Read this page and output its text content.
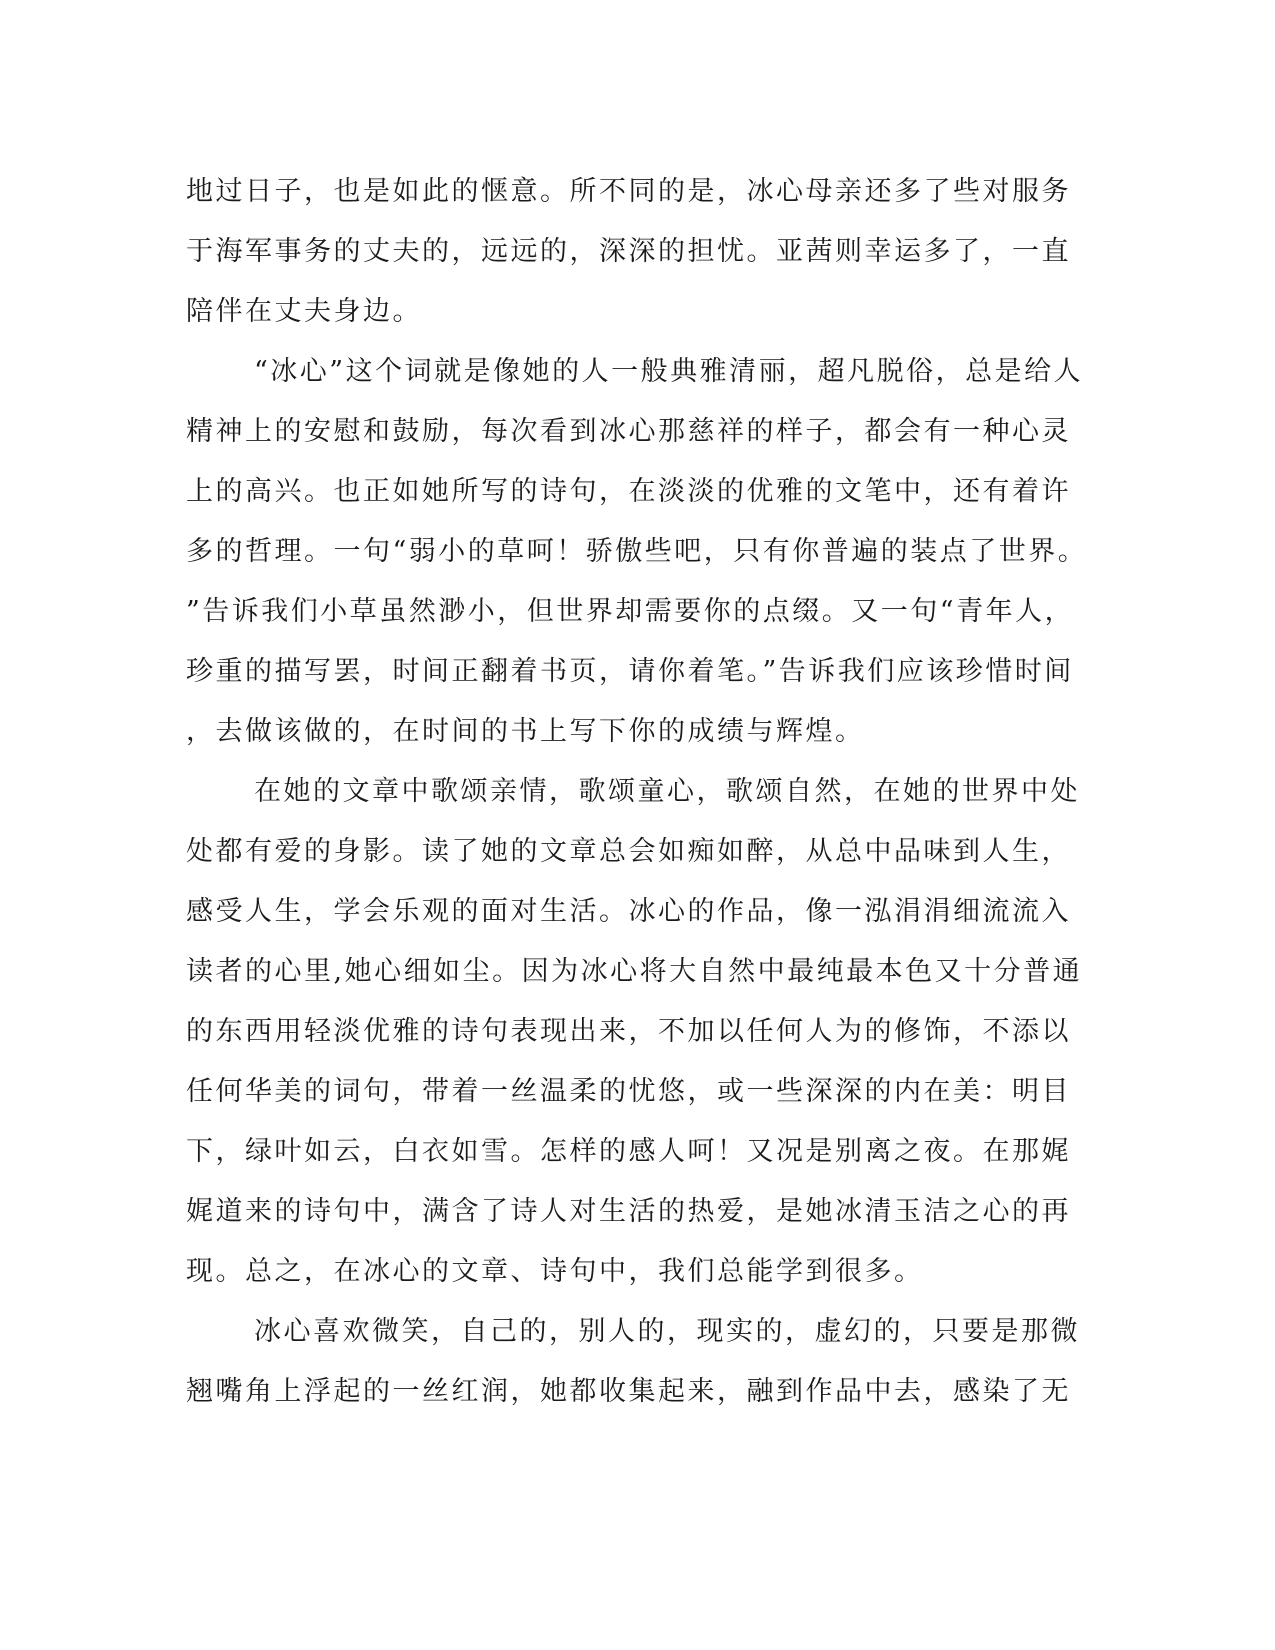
地过日子，也是如此的惬意。所不同的是，冰心母亲还多了些对服务
于海军事务的丈夫的，远远的，深深的担忧。亚茜则幸运多了，一直
陪伴在丈夫身边。
“冰心”这个词就是像她的人一般典雅清丽，超凡脱俗，总是给人
精神上的安慰和鼓励，每次看到冰心那慈祥的样子，都会有一种心灵
上的高兴。也正如她所写的诗句，在淡淡的优雅的文笔中，还有着许
多的哲理。一句“弱小的草呵！骄傲些吧，只有你普遍的装点了世界。
”告诉我们小草虽然渺小，但世界却需要你的点缀。又一句“青年人，
珍重的描写罢，时间正翻着书页，请你着笔。”告诉我们应该珍惜时间
，去做该做的，在时间的书上写下你的成绩与辉煌。
在她的文章中歌颂亲情，歌颂童心，歌颂自然，在她的世界中处
处都有爱的身影。读了她的文章总会如痴如醉，从总中品味到人生，
感受人生，学会乐观的面对生活。冰心的作品，像一泓涓涓细流流入
读者的心里,她心细如尘。因为冰心将大自然中最纯最本色又十分普通
的东西用轻淡优雅的诗句表现出来，不加以任何人为的修饰，不添以
任何华美的词句，带着一丝温柔的忧悠，或一些深深的内在美：明目
下，绿叶如云，白衣如雪。怎样的感人呵！又况是别离之夜。在那娓
娓道来的诗句中，满含了诗人对生活的热爱，是她冰清玉洁之心的再
现。总之，在冰心的文章、诗句中，我们总能学到很多。
冰心喜欢微笑，自己的，别人的，现实的，虚幻的，只要是那微
翘嘴角上浮起的一丝红润，她都收集起来，融到作品中去，感染了无
